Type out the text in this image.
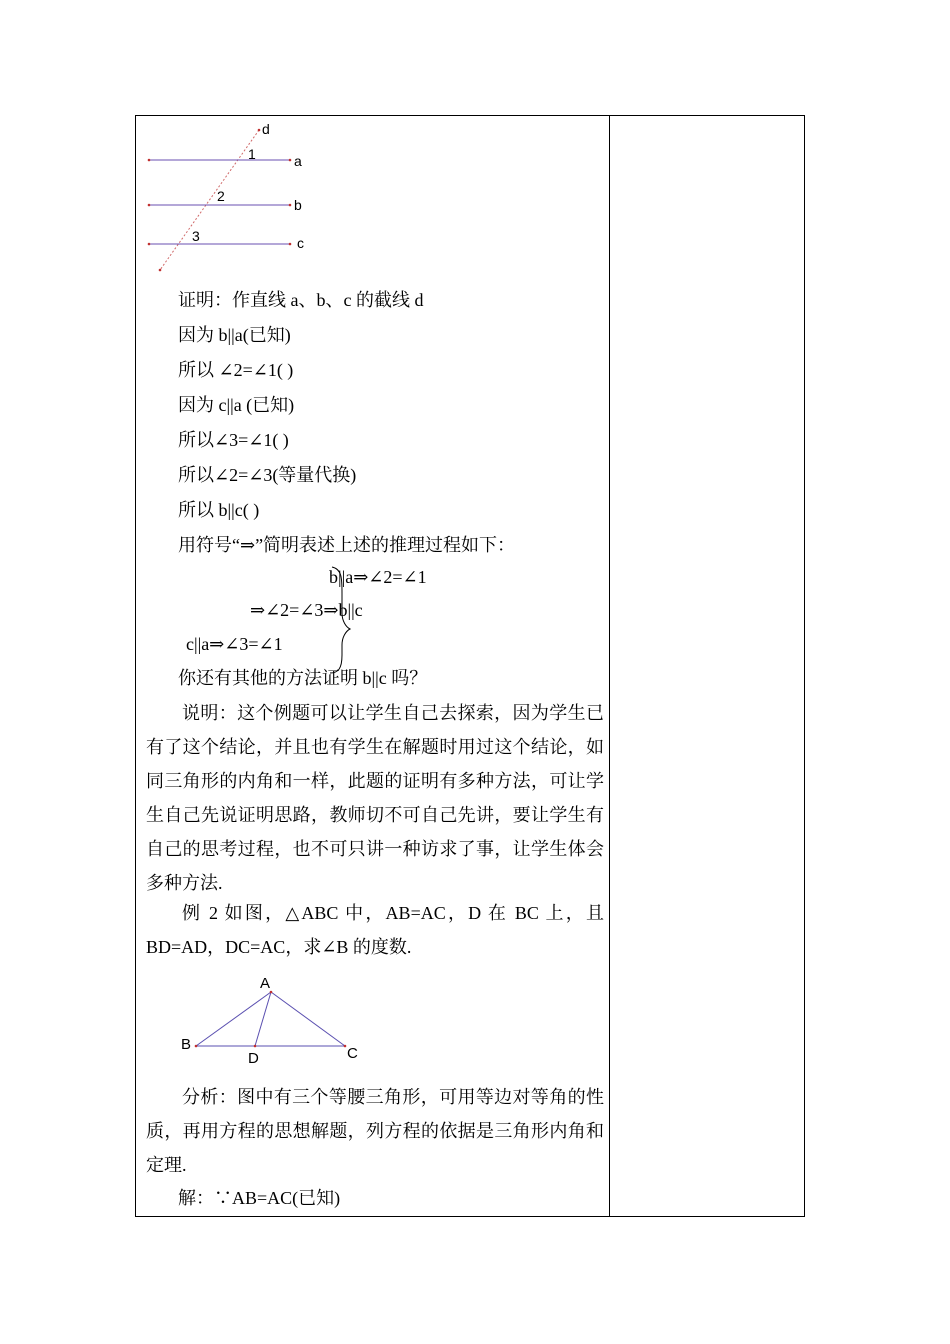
d
a
b
c
1
2
3
证明：作直线 a、b、c 的截线 d
因为 b||a(已知)
所以 ∠2=∠1( )
因为 c||a (已知)
所以∠3=∠1( )
所以∠2=∠3(等量代换)
所以 b||c( )
用符号“⇒”简明表述上述的推理过程如下：
b||a⇒∠2=∠1
⇒∠2=∠3⇒b||c
c||a⇒∠3=∠1
你还有其他的方法证明 b||c 吗？
说明：这个例题可以让学生自己去探索，因为学生已有了这个结论，并且也有学生在解题时用过这个结论，如同三角形的内角和一样，此题的证明有多种方法，可让学生自己先说证明思路，教师切不可自己先讲，要让学生有自己的思考过程，也不可只讲一种访求了事，让学生体会多种方法.
例 2 如图，△ABC 中，AB=AC，D 在 BC 上，且 BD=AD，DC=AC，求∠B 的度数.
A
B
C
D
分析：图中有三个等腰三角形，可用等边对等角的性质，再用方程的思想解题，列方程的依据是三角形内角和定理.
解：∵AB=AC(已知)
